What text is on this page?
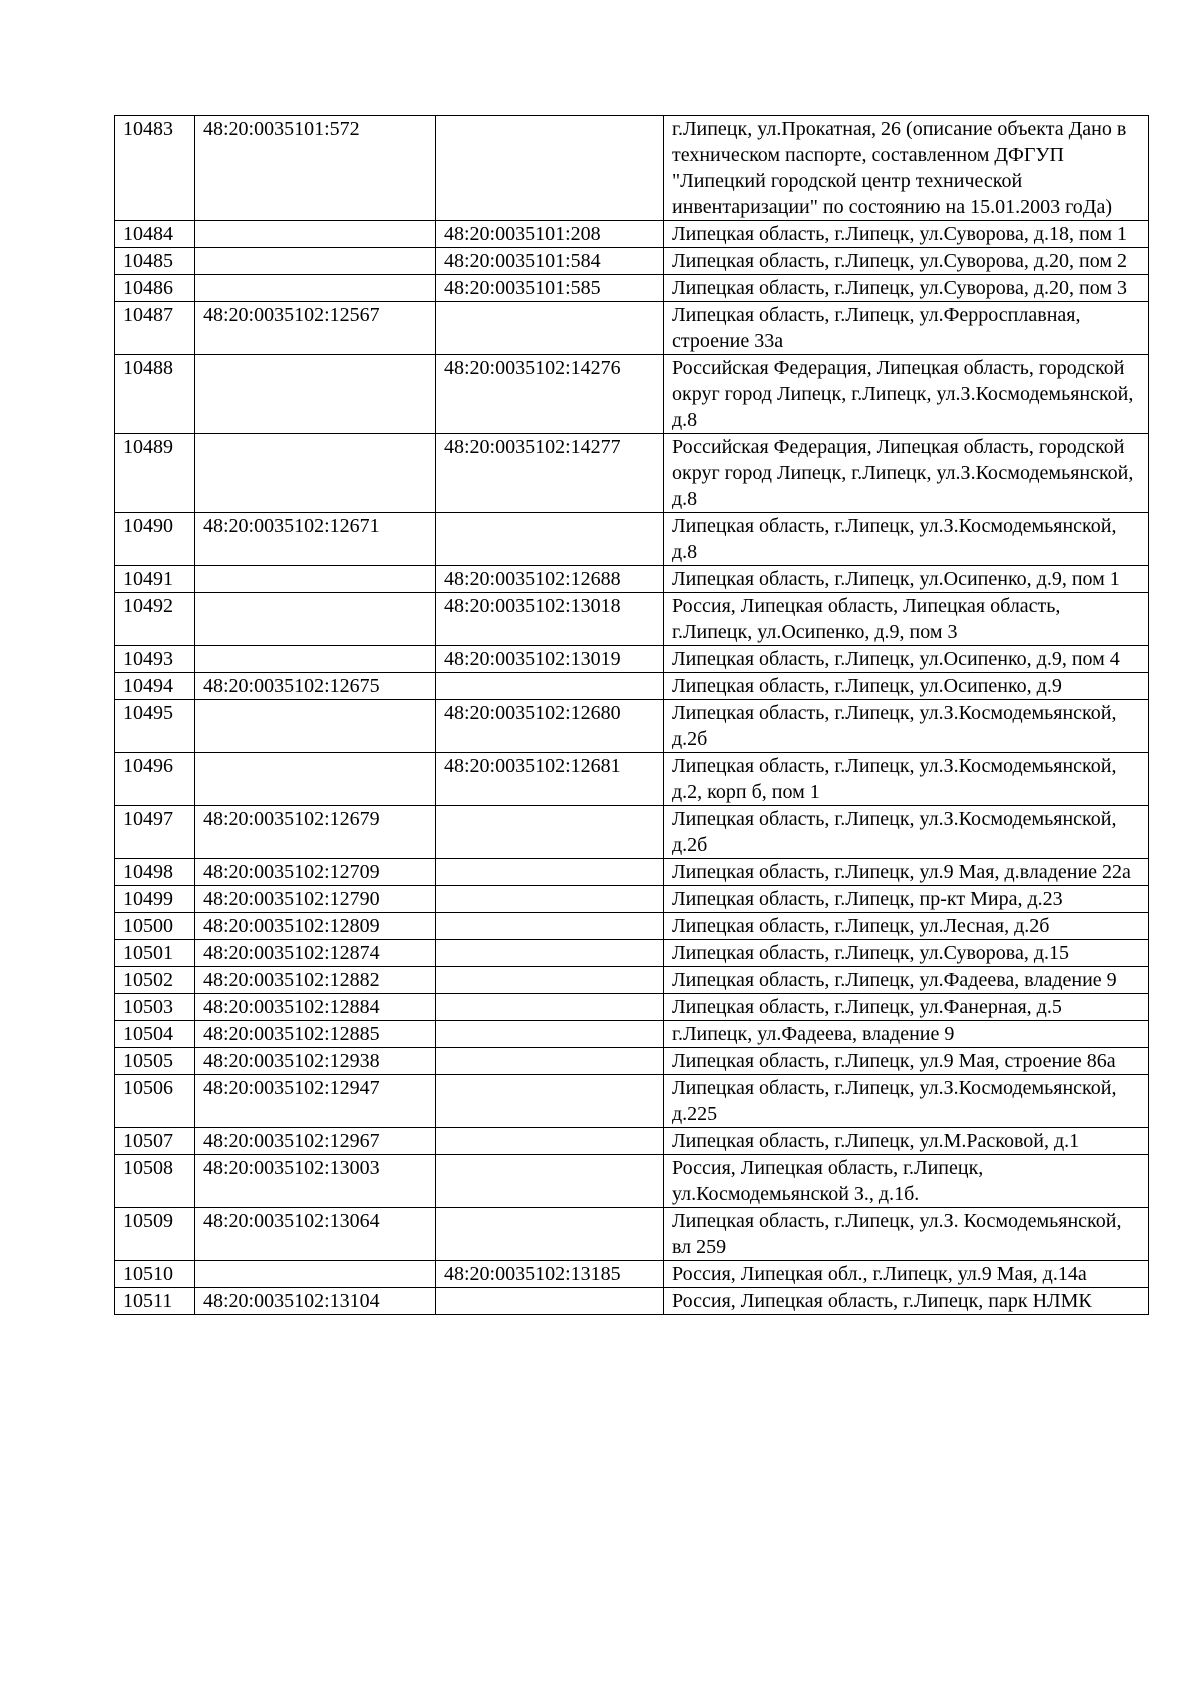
10483	48:20:0035101:572		г.Липецк, ул.Прокатная, 26 (описание объекта Дано в техническом паспорте, составленном ДФГУП "Липецкий городской центр технической инвентаризации" по состоянию на 15.01.2003 гоДа)
10484		48:20:0035101:208	Липецкая область, г.Липецк, ул.Суворова, д.18, пом 1
10485		48:20:0035101:584	Липецкая область, г.Липецк, ул.Суворова, д.20, пом 2
10486		48:20:0035101:585	Липецкая область, г.Липецк, ул.Суворова, д.20, пом 3
10487	48:20:0035102:12567		Липецкая область, г.Липецк, ул.Ферросплавная, строение 33а
10488		48:20:0035102:14276	Российская Федерация, Липецкая область, городской округ город Липецк, г.Липецк, ул.З.Космодемьянской, д.8
10489		48:20:0035102:14277	Российская Федерация, Липецкая область, городской округ город Липецк, г.Липецк, ул.З.Космодемьянской, д.8
10490	48:20:0035102:12671		Липецкая область, г.Липецк, ул.З.Космодемьянской, д.8
10491		48:20:0035102:12688	Липецкая область, г.Липецк, ул.Осипенко, д.9, пом 1
10492		48:20:0035102:13018	Россия, Липецкая область, Липецкая область, г.Липецк, ул.Осипенко, д.9, пом 3
10493		48:20:0035102:13019	Липецкая область, г.Липецк, ул.Осипенко, д.9, пом 4
10494	48:20:0035102:12675		Липецкая область, г.Липецк, ул.Осипенко, д.9
10495		48:20:0035102:12680	Липецкая область, г.Липецк, ул.З.Космодемьянской, д.2б
10496		48:20:0035102:12681	Липецкая область, г.Липецк, ул.З.Космодемьянской, д.2, корп б, пом 1
10497	48:20:0035102:12679		Липецкая область, г.Липецк, ул.З.Космодемьянской, д.2б
10498	48:20:0035102:12709		Липецкая область, г.Липецк, ул.9 Мая, д.владение 22а
10499	48:20:0035102:12790		Липецкая область, г.Липецк, пр-кт Мира, д.23
10500	48:20:0035102:12809		Липецкая область, г.Липецк, ул.Лесная, д.2б
10501	48:20:0035102:12874		Липецкая область, г.Липецк, ул.Суворова, д.15
10502	48:20:0035102:12882		Липецкая область, г.Липецк, ул.Фадеева, владение 9
10503	48:20:0035102:12884		Липецкая область, г.Липецк, ул.Фанерная, д.5
10504	48:20:0035102:12885		г.Липецк, ул.Фадеева, владение 9
10505	48:20:0035102:12938		Липецкая область, г.Липецк, ул.9 Мая, строение 86а
10506	48:20:0035102:12947		Липецкая область, г.Липецк, ул.З.Космодемьянской, д.225
10507	48:20:0035102:12967		Липецкая область, г.Липецк, ул.М.Расковой, д.1
10508	48:20:0035102:13003		Россия, Липецкая область, г.Липецк, ул.Космодемьянской З., д.1б.
10509	48:20:0035102:13064		Липецкая область, г.Липецк, ул.З. Космодемьянской, вл 259
10510		48:20:0035102:13185	Россия, Липецкая обл., г.Липецк, ул.9 Мая, д.14а
10511	48:20:0035102:13104		Россия, Липецкая область, г.Липецк, парк НЛМК
